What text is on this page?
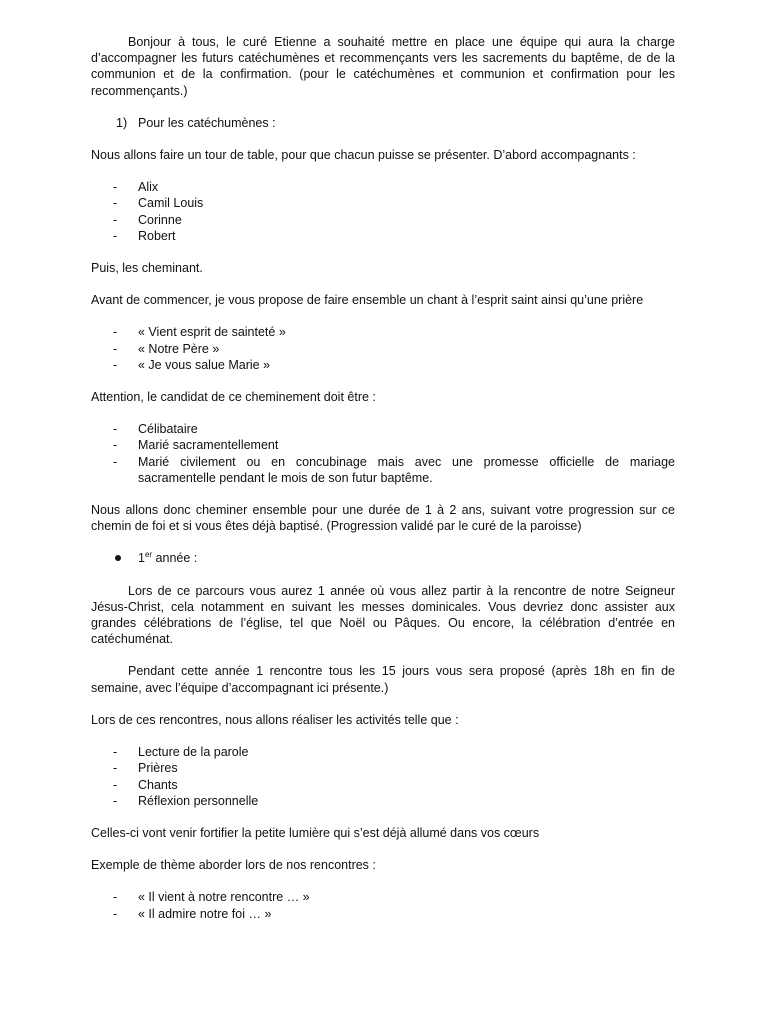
Bonjour à tous, le curé Etienne a souhaité mettre en place une équipe qui aura la charge d’accompagner les futurs catéchumènes et recommençants vers les sacrements du baptême, de de la communion et de la confirmation. (pour le catéchumènes et communion et confirmation pour les recommençants.)

1) Pour les catéchumènes :

Nous allons faire un tour de table, pour que chacun puisse se présenter. D’abord accompagnants :

- Alix
- Camil Louis
- Corinne
- Robert

Puis, les cheminant.

Avant de commencer, je vous propose de faire ensemble un chant à l’esprit saint ainsi qu’une prière

- « Vient esprit de sainteté »
- « Notre Père »
- « Je vous salue Marie »

Attention, le candidat de ce cheminement doit être :

- Célibataire
- Marié sacramentellement
- Marié civilement ou en concubinage mais avec une promesse officielle de mariage sacramentelle pendant le mois de son futur baptême.

Nous allons donc cheminer ensemble pour une durée de 1 à 2 ans, suivant votre progression sur ce chemin de foi et si vous êtes déjà baptisé. (Progression validé par le curé de la paroisse)

1er année :

Lors de ce parcours vous aurez 1 année où vous allez partir à la rencontre de notre Seigneur Jésus-Christ, cela notamment en suivant les messes dominicales. Vous devriez donc assister aux grandes célébrations de l’église, tel que Noël ou Pâques. Ou encore, la célébration d’entrée en catéchuménat.

Pendant cette année 1 rencontre tous les 15 jours vous sera proposé (après 18h en fin de semaine, avec l’équipe d’accompagnant ici présente.)

Lors de ces rencontres, nous allons réaliser les activités telle que :

- Lecture de la parole
- Prières
- Chants
- Réflexion personnelle

Celles-ci vont venir fortifier la petite lumière qui s’est déjà allumé dans vos cœurs

Exemple de thème aborder lors de nos rencontres :

- « Il vient à notre rencontre … »
- « Il admire notre foi … »
